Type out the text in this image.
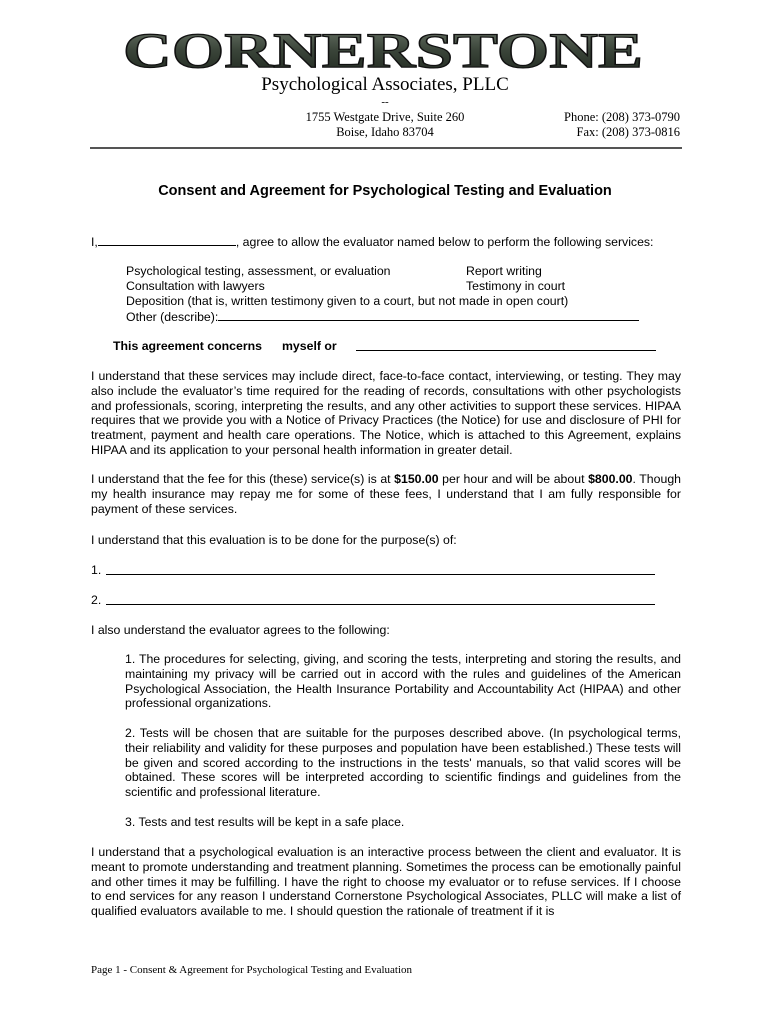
CORNERSTONE
Psychological Associates, PLLC
--
1755 Westgate Drive, Suite 260
Boise, Idaho 83704
Phone: (208) 373-0790
Fax: (208) 373-0816
Consent and Agreement for Psychological Testing and Evaluation
I,	, agree to allow the evaluator named below to perform the following services:
Psychological testing, assessment, or evaluation	Report writing
Consultation with lawyers	Testimony in court
Deposition (that is, written testimony given to a court, but not made in open court)
Other (describe):
This agreement concerns myself or
I understand that these services may include direct, face-to-face contact, interviewing, or testing. They may also include the evaluator’s time required for the reading of records, consultations with other psychologists and professionals, scoring, interpreting the results, and any other activities to support these services. HIPAA requires that we provide you with a Notice of Privacy Practices (the Notice) for use and disclosure of PHI for treatment, payment and health care operations. The Notice, which is attached to this Agreement, explains HIPAA and its application to your personal health information in greater detail.
I understand that the fee for this (these) service(s) is at $150.00 per hour and will be about $800.00. Though my health insurance may repay me for some of these fees, I understand that I am fully responsible for payment of these services.
I understand that this evaluation is to be done for the purpose(s) of:
1.
2.
I also understand the evaluator agrees to the following:
1. The procedures for selecting, giving, and scoring the tests, interpreting and storing the results, and maintaining my privacy will be carried out in accord with the rules and guidelines of the American Psychological Association, the Health Insurance Portability and Accountability Act (HIPAA) and other professional organizations.
2. Tests will be chosen that are suitable for the purposes described above. (In psychological terms, their reliability and validity for these purposes and population have been established.) These tests will be given and scored according to the instructions in the tests' manuals, so that valid scores will be obtained. These scores will be interpreted according to scientific findings and guidelines from the scientific and professional literature.
3. Tests and test results will be kept in a safe place.
I understand that a psychological evaluation is an interactive process between the client and evaluator. It is meant to promote understanding and treatment planning. Sometimes the process can be emotionally painful and other times it may be fulfilling. I have the right to choose my evaluator or to refuse services. If I choose to end services for any reason I understand Cornerstone Psychological Associates, PLLC will make a list of qualified evaluators available to me. I should question the rationale of treatment if it is
Page 1 - Consent & Agreement for Psychological Testing and Evaluation
